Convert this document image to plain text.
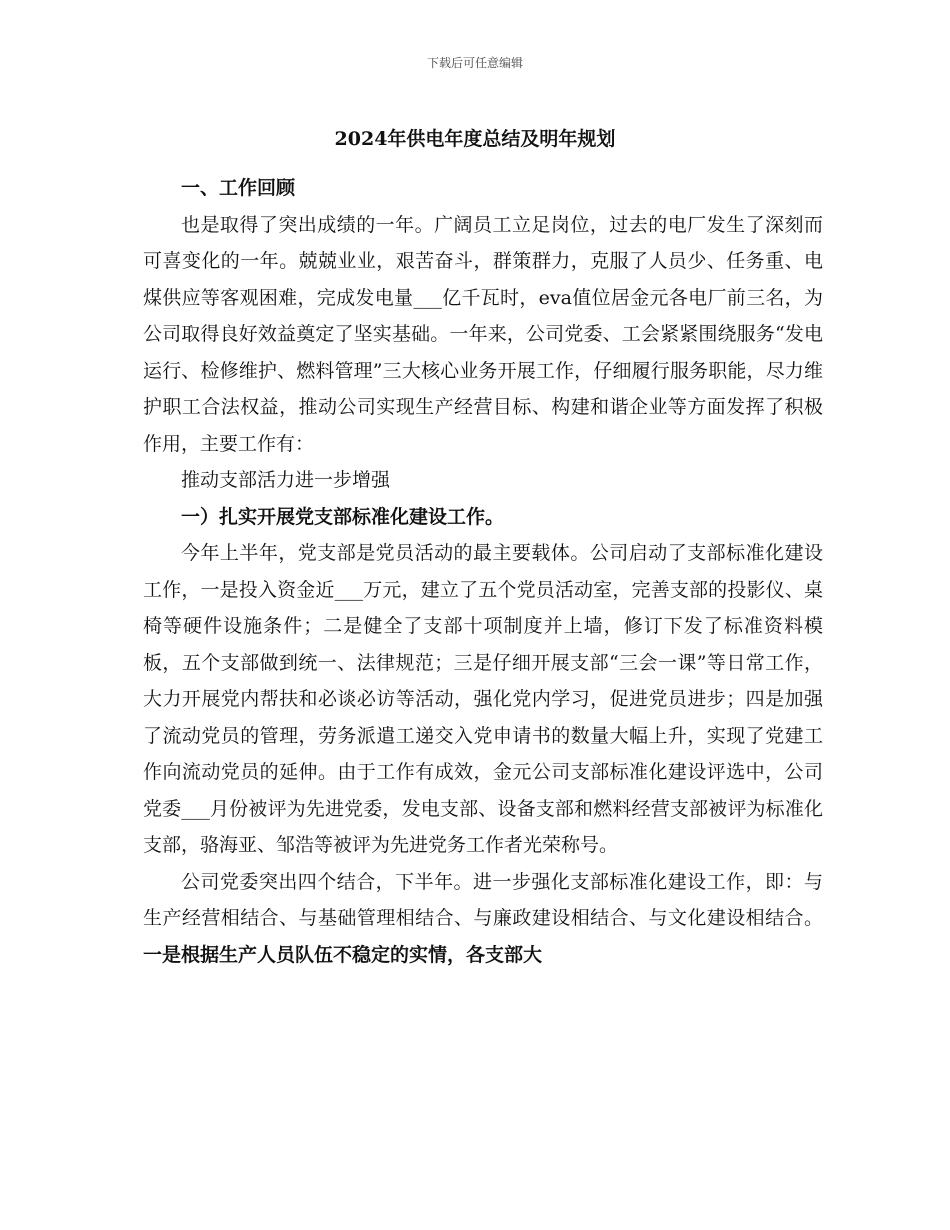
下载后可任意编辑
2024年供电年度总结及明年规划

一、工作回顾

也是取得了突出成绩的一年。广阔员工立足岗位，过去的电厂发生了深刻而可喜变化的一年。兢兢业业，艰苦奋斗，群策群力，克服了人员少、任务重、电煤供应等客观困难，完成发电量___亿千瓦时，eva值位居金元各电厂前三名，为公司取得良好效益奠定了坚实基础。一年来，公司党委、工会紧紧围绕服务“发电运行、检修维护、燃料管理”三大核心业务开展工作，仔细履行服务职能，尽力维护职工合法权益，推动公司实现生产经营目标、构建和谐企业等方面发挥了积极作用，主要工作有：

推动支部活力进一步增强

一）扎实开展党支部标准化建设工作。

今年上半年，党支部是党员活动的最主要载体。公司启动了支部标准化建设工作，一是投入资金近___万元，建立了五个党员活动室，完善支部的投影仪、桌椅等硬件设施条件；二是健全了支部十项制度并上墙，修订下发了标准资料模板，五个支部做到统一、法律规范；三是仔细开展支部“三会一课”等日常工作，大力开展党内帮扶和必谈必访等活动，强化党内学习，促进党员进步；四是加强了流动党员的管理，劳务派遣工递交入党申请书的数量大幅上升，实现了党建工作向流动党员的延伸。由于工作有成效，金元公司支部标准化建设评选中，公司党委___月份被评为先进党委，发电支部、设备支部和燃料经营支部被评为标准化支部，骆海亚、邹浩等被评为先进党务工作者光荣称号。

公司党委突出四个结合，下半年。进一步强化支部标准化建设工作，即：与生产经营相结合、与基础管理相结合、与廉政建设相结合、与文化建设相结合。一是根据生产人员队伍不稳定的实情，各支部大
